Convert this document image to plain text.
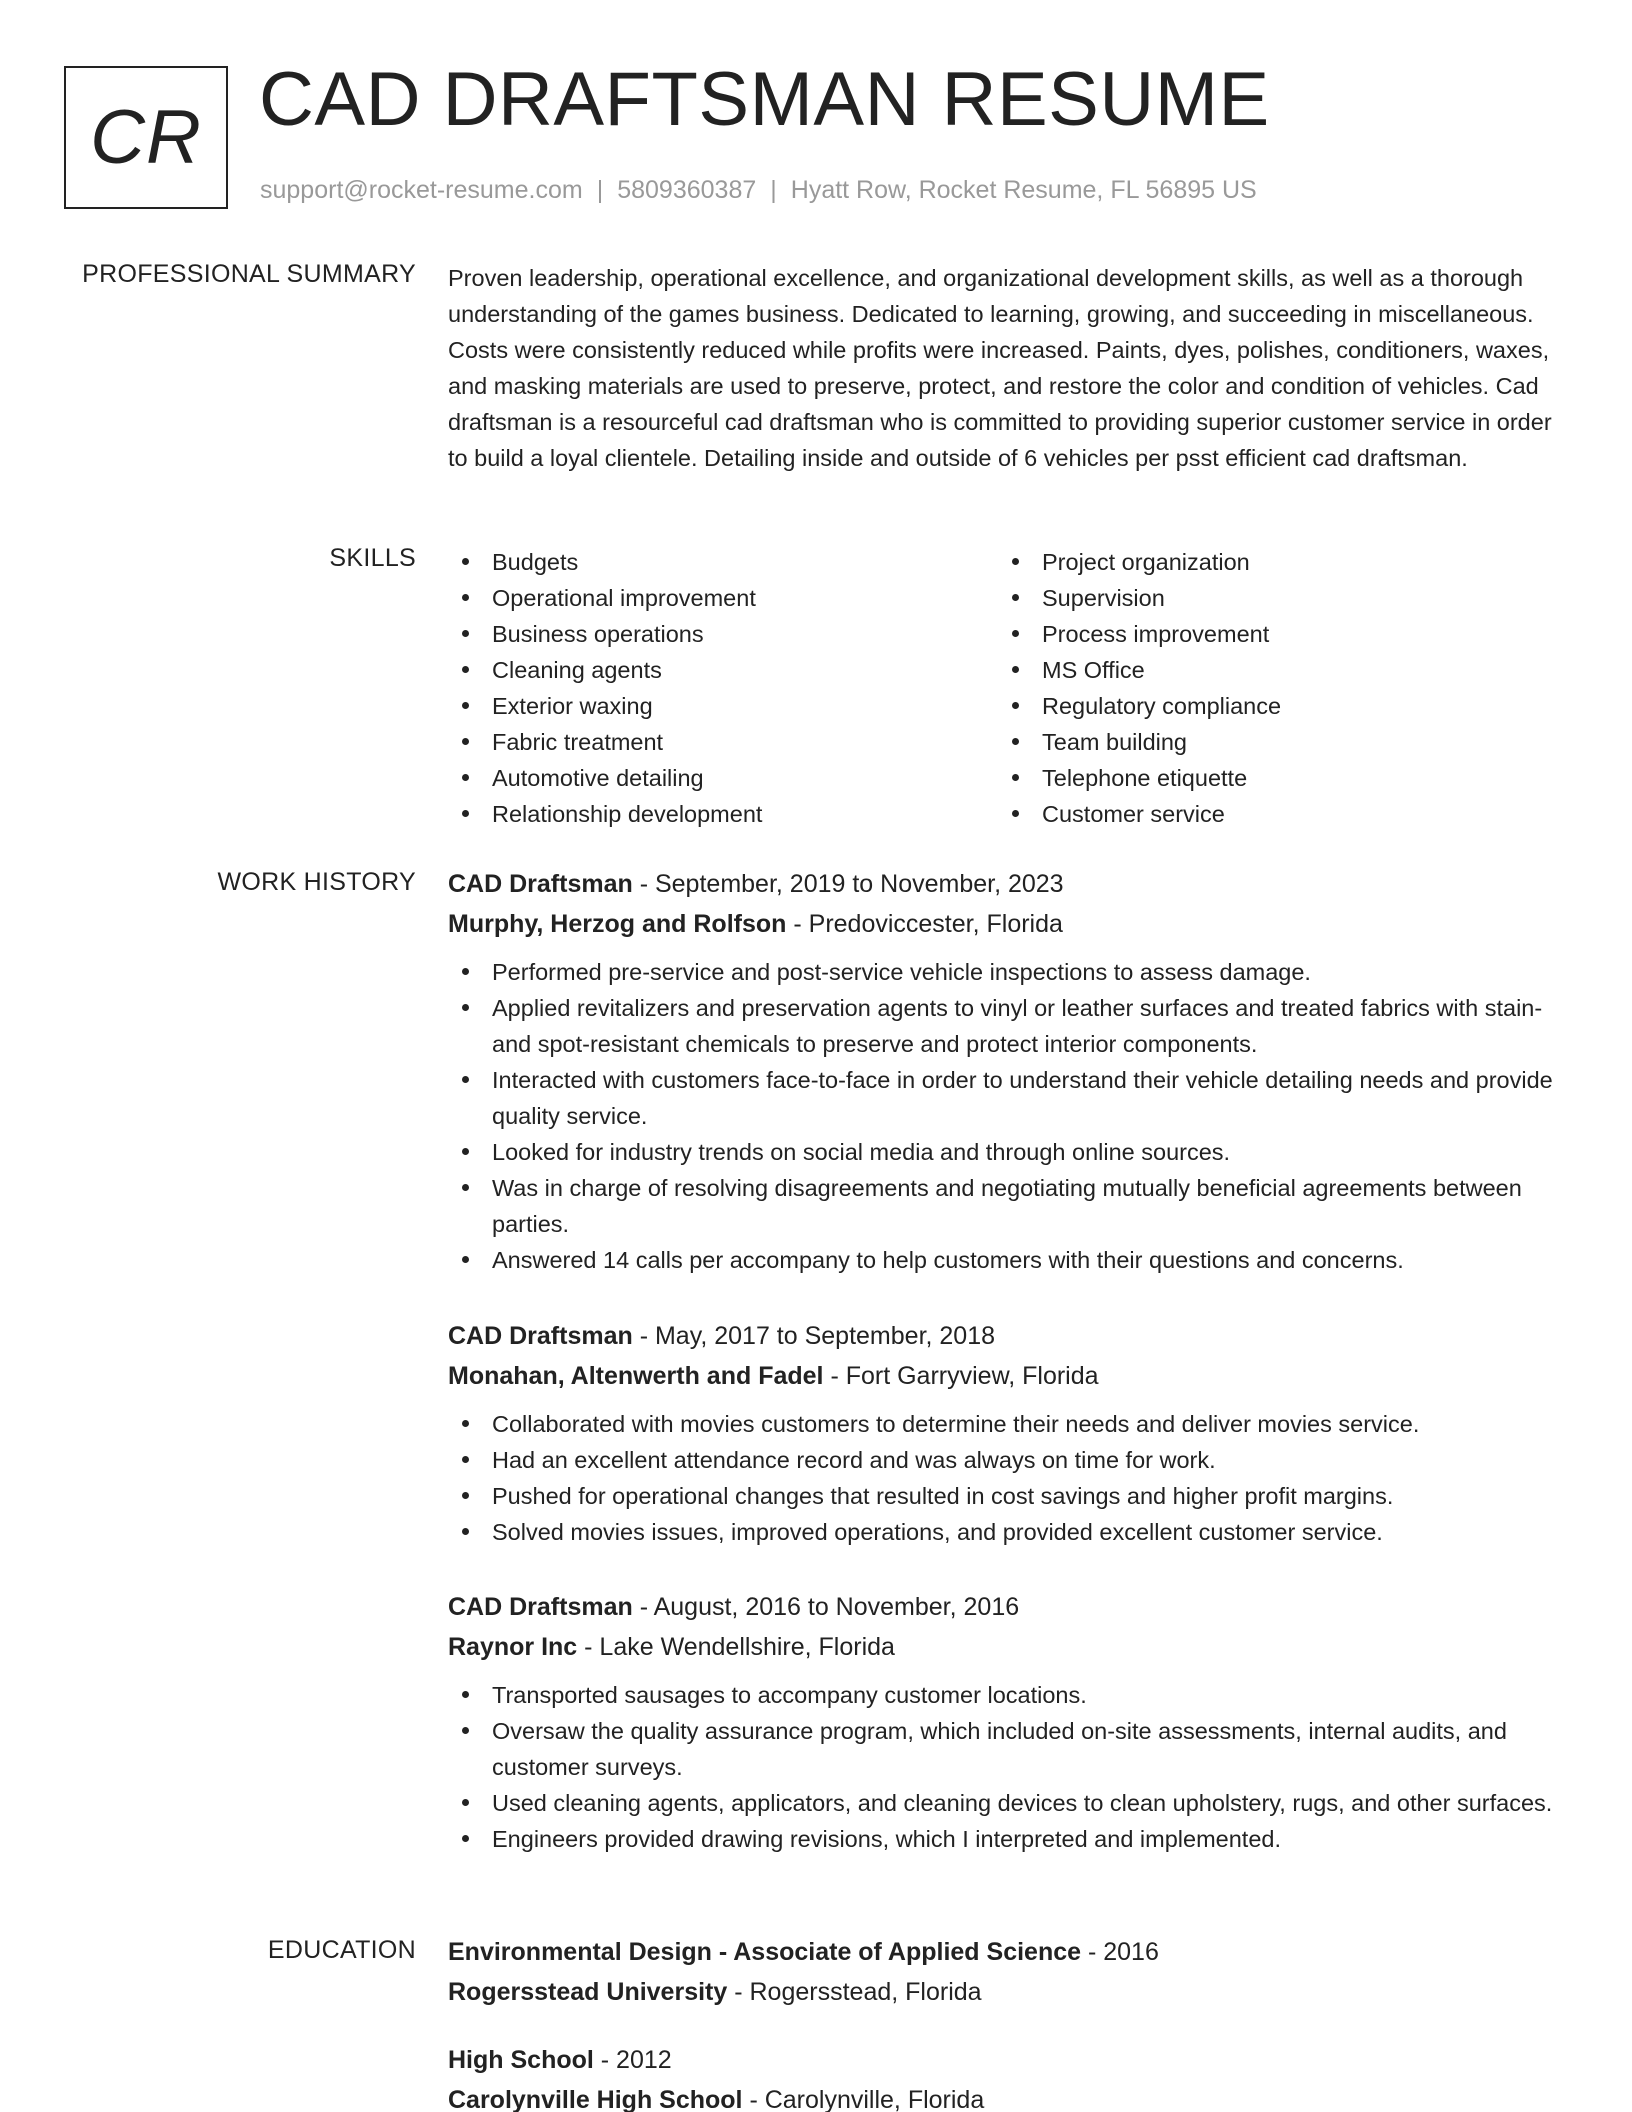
CR CAD DRAFTSMAN RESUME
support@rocket-resume.com | 5809360387 | Hyatt Row, Rocket Resume, FL 56895 US
PROFESSIONAL SUMMARY Proven leadership, operational excellence, and organizational development skills, as well as a thorough understanding of the games business. Dedicated to learning, growing, and succeeding in miscellaneous. Costs were consistently reduced while profits were increased. Paints, dyes, polishes, conditioners, waxes, and masking materials are used to preserve, protect, and restore the color and condition of vehicles. Cad draftsman is a resourceful cad draftsman who is committed to providing superior customer service in order to build a loyal clientele. Detailing inside and outside of 6 vehicles per psst efficient cad draftsman.

SKILLS	Budgets
Operational improvement
Business operations
Cleaning agents
Exterior waxing
Fabric treatment
Automotive detailing
Relationship development
Project organization
Supervision
Process improvement
MS Office
Regulatory compliance
Team building
Telephone etiquette
Customer service
WORK HISTORY CAD Draftsman - September, 2019 to November, 2023
Murphy, Herzog and Rolfson - Predoviccester, Florida
Performed pre-service and post-service vehicle inspections to assess damage.
Applied revitalizers and preservation agents to vinyl or leather surfaces and treated fabrics with stain- and spot-resistant chemicals to preserve and protect interior components.
Interacted with customers face-to-face in order to understand their vehicle detailing needs and provide quality service.
Looked for industry trends on social media and through online sources.
Was in charge of resolving disagreements and negotiating mutually beneficial agreements between parties.
Answered 14 calls per accompany to help customers with their questions and concerns.
CAD Draftsman - May, 2017 to September, 2018
Monahan, Altenwerth and Fadel - Fort Garryview, Florida
Collaborated with movies customers to determine their needs and deliver movies service.
Had an excellent attendance record and was always on time for work.
Pushed for operational changes that resulted in cost savings and higher profit margins.
Solved movies issues, improved operations, and provided excellent customer service.
CAD Draftsman - August, 2016 to November, 2016
Raynor Inc - Lake Wendellshire, Florida
Transported sausages to accompany customer locations.
Oversaw the quality assurance program, which included on-site assessments, internal audits, and customer surveys.
Used cleaning agents, applicators, and cleaning devices to clean upholstery, rugs, and other surfaces.
Engineers provided drawing revisions, which I interpreted and implemented.
EDUCATION Environmental Design - Associate of Applied Science - 2016
Rogersstead University - Rogersstead, Florida
High School - 2012
Carolynville High School - Carolynville, Florida
